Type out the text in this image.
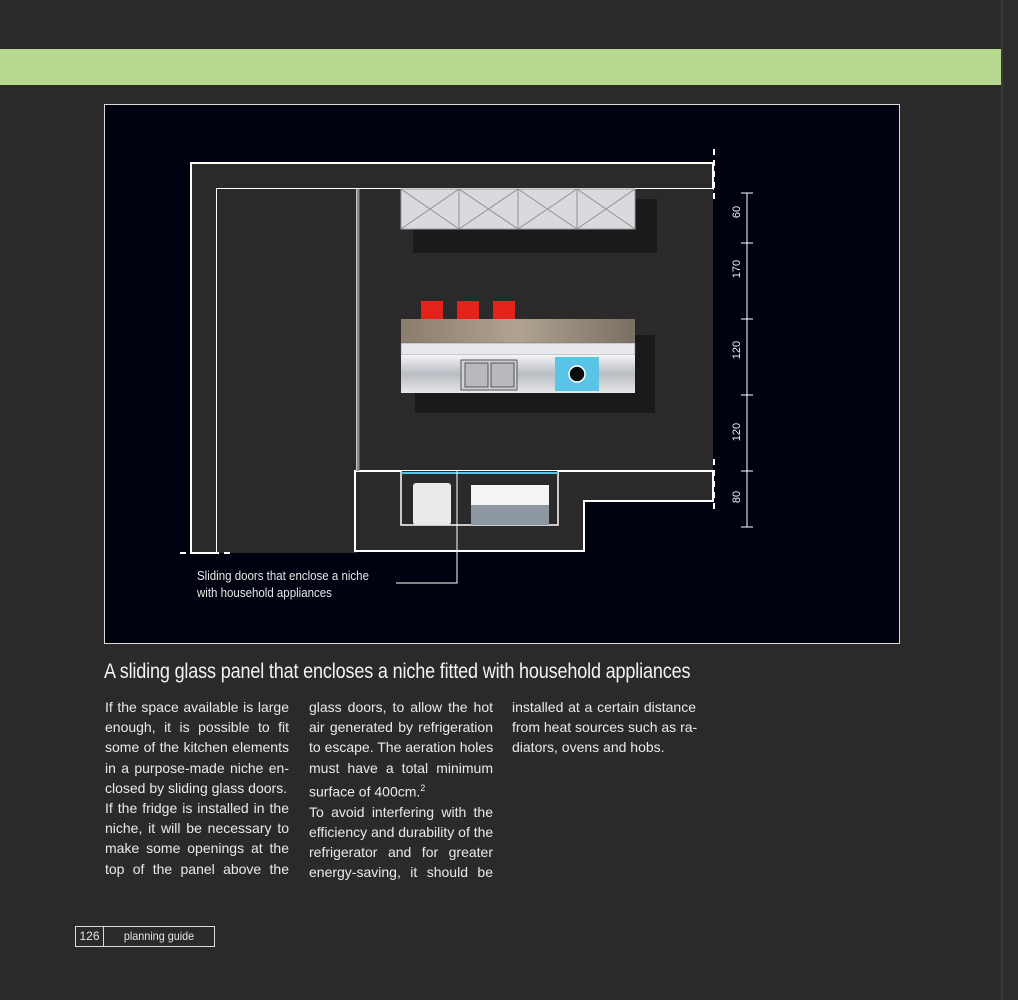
60
170
120
120
80
Sliding doors that enclose a niche
with household appliances
A sliding glass panel that encloses a niche fitted with household appliances

If the space available is large
enough, it is possible to fit
some of the kitchen elements
in a purpose-made niche en-
closed by sliding glass doors.
If the fridge is installed in the
niche, it will be necessary to
make some openings at the
top of the panel above the

glass doors, to allow the hot
air generated by refrigeration
to escape. The aeration holes
must have a total minimum
surface of 400cm.$^2$
To avoid interfering with the
efficiency and durability of the
refrigerator and for greater
energy-saving, it should be

installed at a certain distance
from heat sources such as ra-
diators, ovens and hobs.

126	planning guide
